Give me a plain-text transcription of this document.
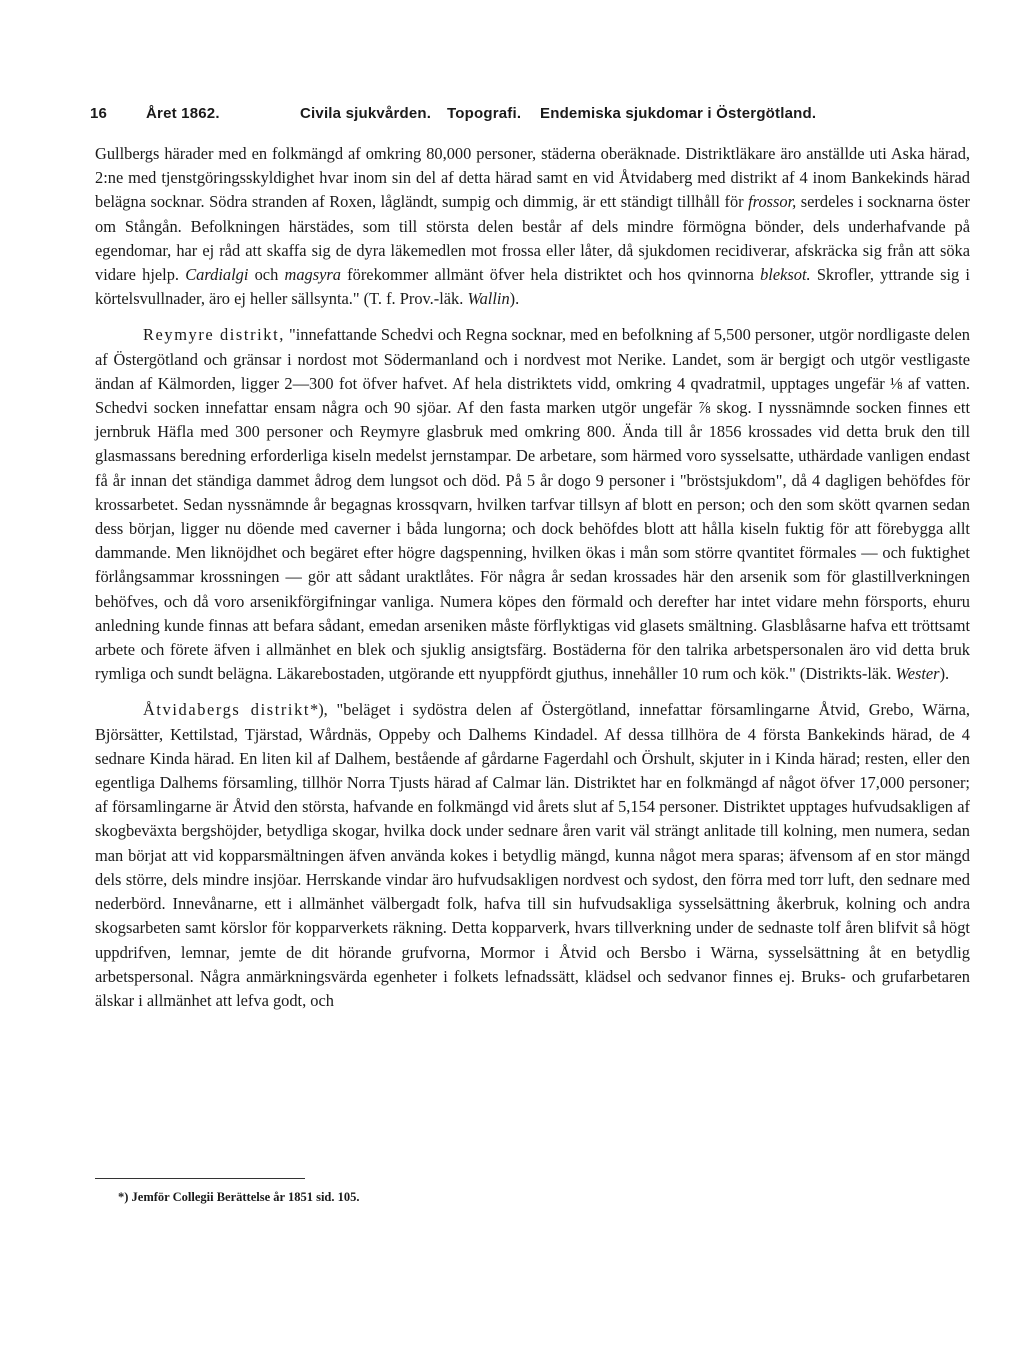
16	Året 1862.	Civila sjukvården. Topografi. Endemiska sjukdomar i Östergötland.

Gullbergs härader med en folkmängd af omkring 80,000 personer, städerna oberäknade. Distriktläkare äro anställde uti Aska härad, 2:ne med tjenstgöringsskyldighet hvar inom sin del af detta härad samt en vid Åtvidaberg med distrikt af 4 inom Bankekinds härad belägna socknar. Södra stranden af Roxen, lågländt, sumpig och dimmig, är ett ständigt tillhåll för frossor, serdeles i socknarna öster om Stångån. Befolkningen härstädes, som till största delen består af dels mindre förmögna bönder, dels underhafvande på egendomar, har ej råd att skaffa sig de dyra läkemedlen mot frossa eller låter, då sjukdomen recidiverar, afskräcka sig från att söka vidare hjelp. Cardialgi och magsyra förekommer allmänt öfver hela distriktet och hos qvinnorna bleksot. Skrofler, yttrande sig i körtelsvullnader, äro ej heller sällsynta." (T. f. Prov.-läk. Wallin).

Reymyre distrikt, "innefattande Schedvi och Regna socknar, med en befolkning af 5,500 personer, utgör nordligaste delen af Östergötland och gränsar i nordost mot Södermanland och i nordvest mot Nerike. Landet, som är bergigt och utgör vestligaste ändan af Kälmorden, ligger 2—300 fot öfver hafvet. Af hela distriktets vidd, omkring 4 qvadratmil, upptages ungefär ⅛ af vatten. Schedvi socken innefattar ensam några och 90 sjöar. Af den fasta marken utgör ungefär ⅞ skog. I nyssnämnde socken finnes ett jernbruk Häfla med 300 personer och Reymyre glasbruk med omkring 800. Ända till år 1856 krossades vid detta bruk den till glasmassans beredning erforderliga kiseln medelst jernstampar. De arbetare, som härmed voro sysselsatte, uthärdade vanligen endast få år innan det ständiga dammet ådrog dem lungsot och död. På 5 år dogo 9 personer i "bröstsjukdom", då 4 dagligen behöfdes för krossarbetet. Sedan nyssnämnde år begagnas krossqvarn, hvilken tarfvar tillsyn af blott en person; och den som skött qvarnen sedan dess början, ligger nu döende med caverner i båda lungorna; och dock behöfdes blott att hålla kiseln fuktig för att förebygga allt dammande. Men liknöjdhet och begäret efter högre dagspenning, hvilken ökas i mån som större qvantitet förmales — och fuktighet förlångsammar krossningen — gör att sådant uraktlåtes. För några år sedan krossades här den arsenik som för glastillverkningen behöfves, och då voro arsenikförgifningar vanliga. Numera köpes den förmald och derefter har intet vidare mehn försports, ehuru anledning kunde finnas att befara sådant, emedan arseniken måste förflyktigas vid glasets smältning. Glasblåsarne hafva ett tröttsamt arbete och förete äfven i allmänhet en blek och sjuklig ansigtsfärg. Bostäderna för den talrika arbetspersonalen äro vid detta bruk rymliga och sundt belägna. Läkarebostaden, utgörande ett nyuppfördt gjuthus, innehåller 10 rum och kök." (Distrikts-läk. Wester).

Åtvidabergs distrikt*), "beläget i sydöstra delen af Östergötland, innefattar församlingarne Åtvid, Grebo, Wärna, Björsätter, Kettilstad, Tjärstad, Wårdnäs, Oppeby och Dalhems Kindadel. Af dessa tillhöra de 4 första Bankekinds härad, de 4 sednare Kinda härad. En liten kil af Dalhem, bestående af gårdarne Fagerdahl och Örshult, skjuter in i Kinda härad; resten, eller den egentliga Dalhems församling, tillhör Norra Tjusts härad af Calmar län. Distriktet har en folkmängd af något öfver 17,000 personer; af församlingarne är Åtvid den största, hafvande en folkmängd vid årets slut af 5,154 personer. Distriktet upptages hufvudsakligen af skogbeväxta bergshöjder, betydliga skogar, hvilka dock under sednare åren varit väl strängt anlitade till kolning, men numera, sedan man börjat att vid kopparsmältningen äfven använda kokes i betydlig mängd, kunna något mera sparas; äfvensom af en stor mängd dels större, dels mindre insjöar. Herrskande vindar äro hufvudsakligen nordvest och sydost, den förra med torr luft, den sednare med nederbörd. Innevånarne, ett i allmänhet välbergadt folk, hafva till sin hufvudsakliga sysselsättning åkerbruk, kolning och andra skogsarbeten samt körslor för kopparverkets räkning. Detta kopparverk, hvars tillverkning under de sednaste tolf åren blifvit så högt uppdrifven, lemnar, jemte de dit hörande grufvorna, Mormor i Åtvid och Bersbo i Wärna, sysselsättning åt en betydlig arbetspersonal. Några anmärkningsvärda egenheter i folkets lefnadssätt, klädsel och sedvanor finnes ej. Bruks- och grufarbetaren älskar i allmänhet att lefva godt, och

*) Jemför Collegii Berättelse år 1851 sid. 105.
